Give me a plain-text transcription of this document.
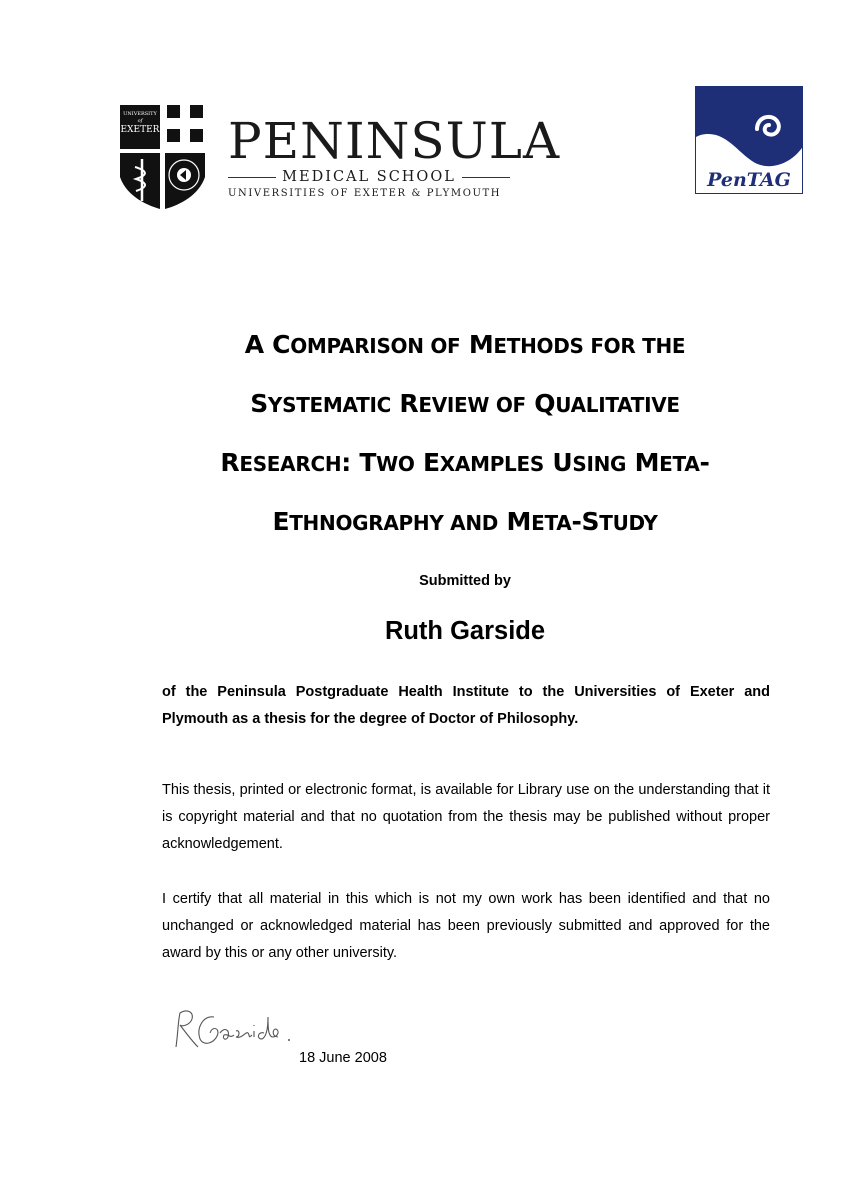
UNIVERSITY
of
EXETER PENINSULA
MEDICAL SCHOOL
UNIVERSITIES OF EXETER & PLYMOUTH
PenTAG
A COMPARISON OF METHODS FOR THE
SYSTEMATIC REVIEW OF QUALITATIVE
RESEARCH: TWO EXAMPLES USING META-
ETHNOGRAPHY AND META-STUDY
Submitted by
Ruth Garside
of the Peninsula Postgraduate Health Institute to the Universities of Exeter and Plymouth as a thesis for the degree of Doctor of Philosophy.
This thesis, printed or electronic format, is available for Library use on the understanding that it is copyright material and that no quotation from the thesis may be published without proper acknowledgement.
I certify that all material in this which is not my own work has been identified and that no unchanged or acknowledged material has been previously submitted and approved for the award by this or any other university.
18 June 2008
